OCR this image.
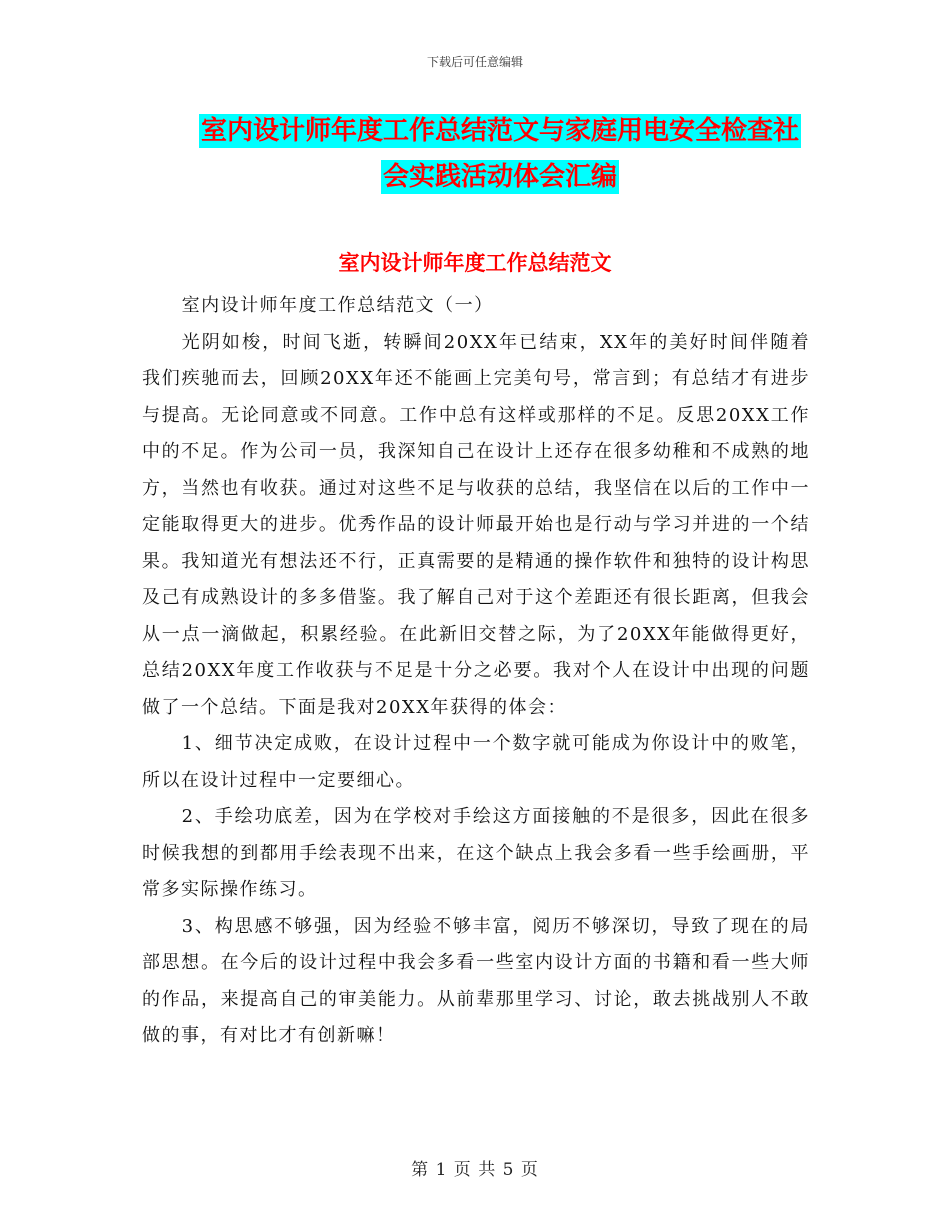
下载后可任意编辑
室内设计师年度工作总结范文与家庭用电安全检查社
会实践活动体会汇编
室内设计师年度工作总结范文

室内设计师年度工作总结范文（一）

光阴如梭，时间飞逝，转瞬间20XX年已结束，XX年的美好时间伴随着我们疾驰而去，回顾20XX年还不能画上完美句号，常言到；有总结才有进步与提高。无论同意或不同意。工作中总有这样或那样的不足。反思20XX工作中的不足。作为公司一员，我深知自己在设计上还存在很多幼稚和不成熟的地方，当然也有收获。通过对这些不足与收获的总结，我坚信在以后的工作中一定能取得更大的进步。优秀作品的设计师最开始也是行动与学习并进的一个结果。我知道光有想法还不行，正真需要的是精通的操作软件和独特的设计构思及己有成熟设计的多多借鉴。我了解自己对于这个差距还有很长距离，但我会从一点一滴做起，积累经验。在此新旧交替之际，为了20XX年能做得更好，总结20XX年度工作收获与不足是十分之必要。我对个人在设计中出现的问题做了一个总结。下面是我对20XX年获得的体会：

1、细节决定成败，在设计过程中一个数字就可能成为你设计中的败笔，所以在设计过程中一定要细心。

2、手绘功底差，因为在学校对手绘这方面接触的不是很多，因此在很多时候我想的到都用手绘表现不出来，在这个缺点上我会多看一些手绘画册，平常多实际操作练习。

3、构思感不够强，因为经验不够丰富，阅历不够深切，导致了现在的局部思想。在今后的设计过程中我会多看一些室内设计方面的书籍和看一些大师的作品，来提高自己的审美能力。从前辈那里学习、讨论，敢去挑战别人不敢做的事，有对比才有创新嘛！

第 1 页 共 5 页
